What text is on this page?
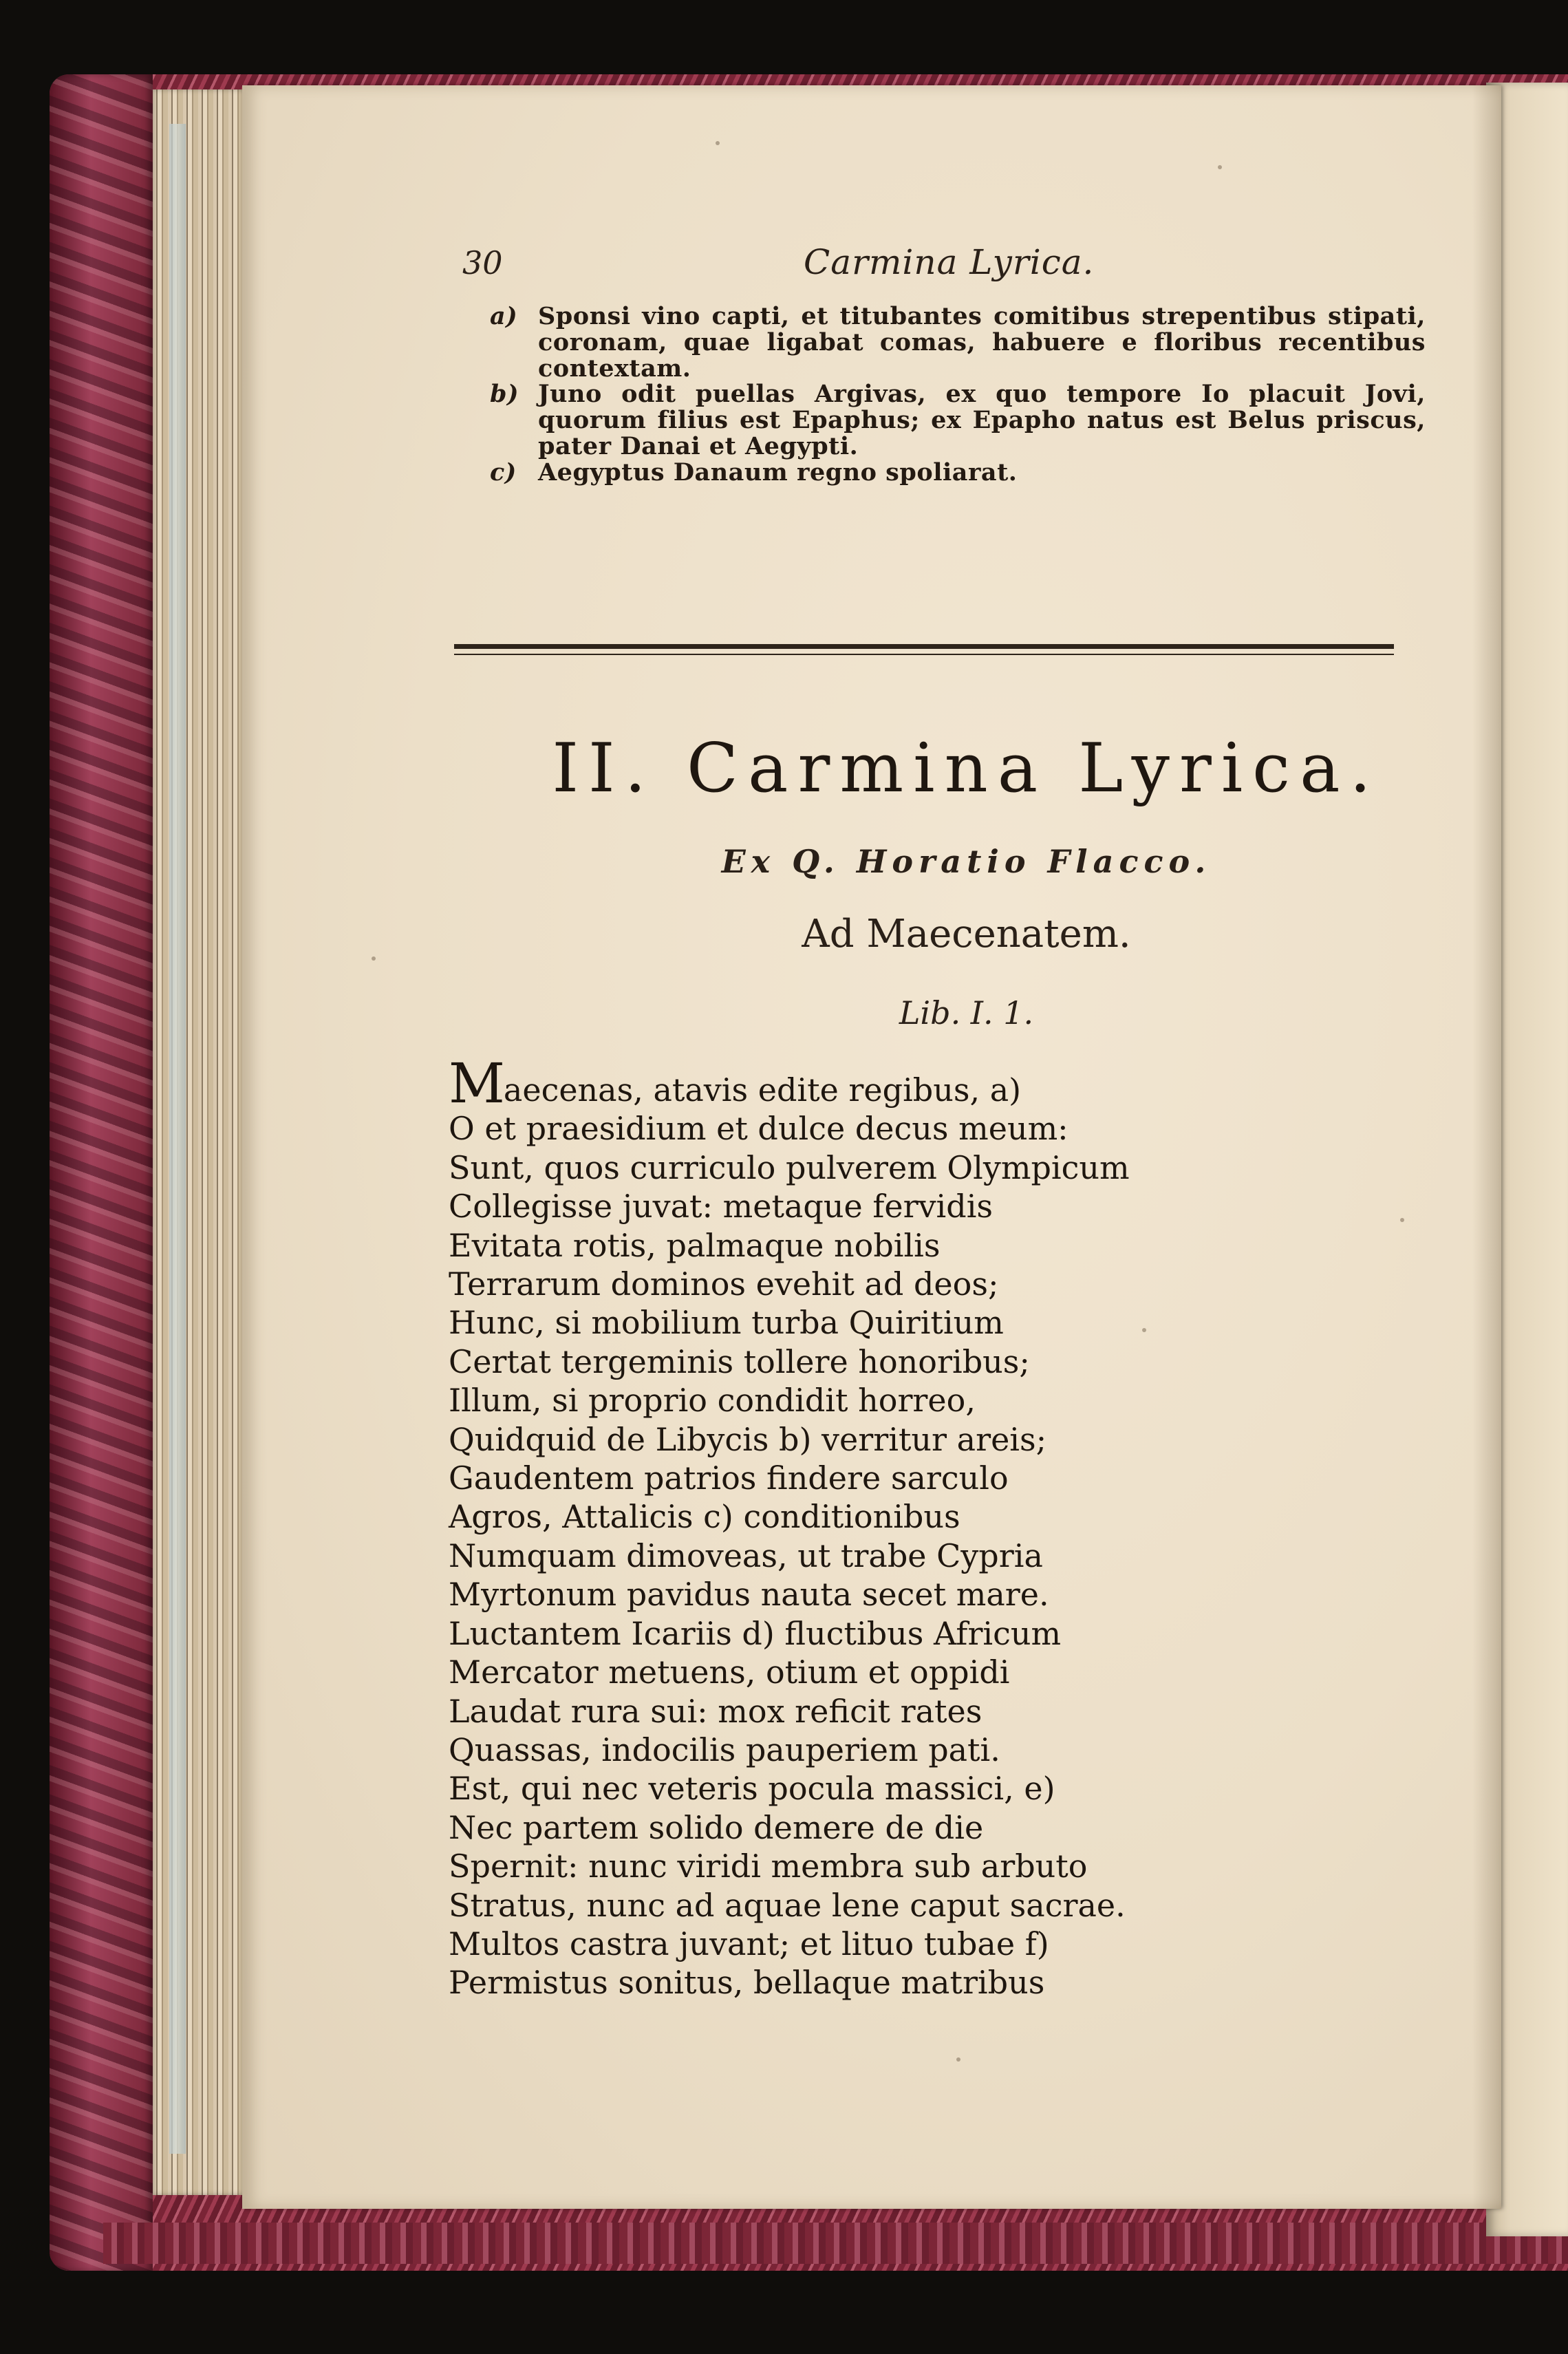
30	Carmina Lyrica.
a) Sponsi vino capti, et titubantes comitibus strepentibus stipati, coronam, quae ligabat comas, habuere e floribus recentibus contextam.
b) Juno odit puellas Argivas, ex quo tempore Io placuit Jovi, quorum filius est Epaphus; ex Epapho natus est Belus priscus, pater Danai et Aegypti.
c) Aegyptus Danaum regno spoliarat.
II. Carmina Lyrica.
Ex Q. Horatio Flacco.
Ad Maecenatem.
Lib. I. 1.
Maecenas, atavis edite regibus, a)
O et praesidium et dulce decus meum:
Sunt, quos curriculo pulverem Olympicum
Collegisse juvat: metaque fervidis
Evitata rotis, palmaque nobilis
Terrarum dominos evehit ad deos;
Hunc, si mobilium turba Quiritium
Certat tergeminis tollere honoribus;
Illum, si proprio condidit horreo,
Quidquid de Libycis b) verritur areis;
Gaudentem patrios findere sarculo
Agros, Attalicis c) conditionibus
Numquam dimoveas, ut trabe Cypria
Myrtonum pavidus nauta secet mare.
Luctantem Icariis d) fluctibus Africum
Mercator metuens, otium et oppidi
Laudat rura sui: mox reficit rates
Quassas, indocilis pauperiem pati.
Est, qui nec veteris pocula massici, e)
Nec partem solido demere de die
Spernit: nunc viridi membra sub arbuto
Stratus, nunc ad aquae lene caput sacrae.
Multos castra juvant; et lituo tubae f)
Permistus sonitus, bellaque matribus
